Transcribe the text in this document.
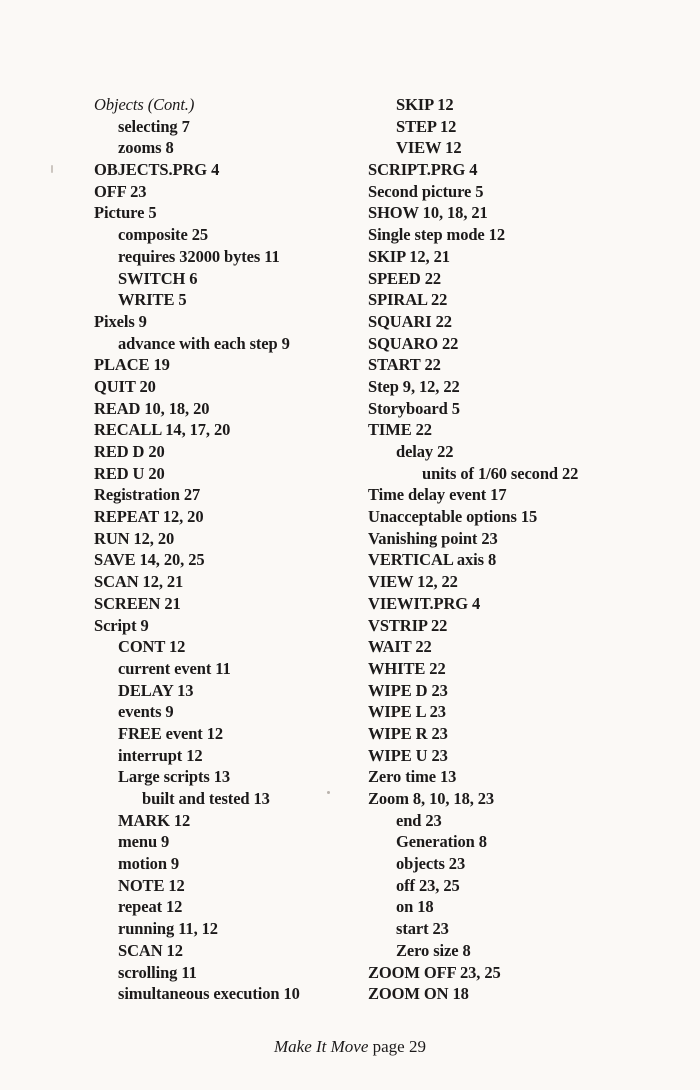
Objects (Cont.)
selecting 7
zooms 8
OBJECTS.PRG 4
OFF 23
Picture 5
composite 25
requires 32000 bytes 11
SWITCH 6
WRITE 5
Pixels 9
advance with each step 9
PLACE 19
QUIT 20
READ 10, 18, 20
RECALL 14, 17, 20
RED D 20
RED U 20
Registration 27
REPEAT 12, 20
RUN 12, 20
SAVE 14, 20, 25
SCAN 12, 21
SCREEN 21
Script 9
CONT 12
current event 11
DELAY 13
events 9
FREE event 12
interrupt 12
Large scripts 13
built and tested 13
MARK 12
menu 9
motion 9
NOTE 12
repeat 12
running 11, 12
SCAN 12
scrolling 11
simultaneous execution 10
SKIP 12
STEP 12
VIEW 12
SCRIPT.PRG 4
Second picture 5
SHOW 10, 18, 21
Single step mode 12
SKIP 12, 21
SPEED 22
SPIRAL 22
SQUARI 22
SQUARO 22
START 22
Step 9, 12, 22
Storyboard 5
TIME 22
delay 22
units of 1/60 second 22
Time delay event 17
Unacceptable options 15
Vanishing point 23
VERTICAL axis 8
VIEW 12, 22
VIEWIT.PRG 4
VSTRIP 22
WAIT 22
WHITE 22
WIPE D 23
WIPE L 23
WIPE R 23
WIPE U 23
Zero time 13
Zoom 8, 10, 18, 23
end 23
Generation 8
objects 23
off 23, 25
on 18
start 23
Zero size 8
ZOOM OFF 23, 25
ZOOM ON 18
Make It Move page 29
